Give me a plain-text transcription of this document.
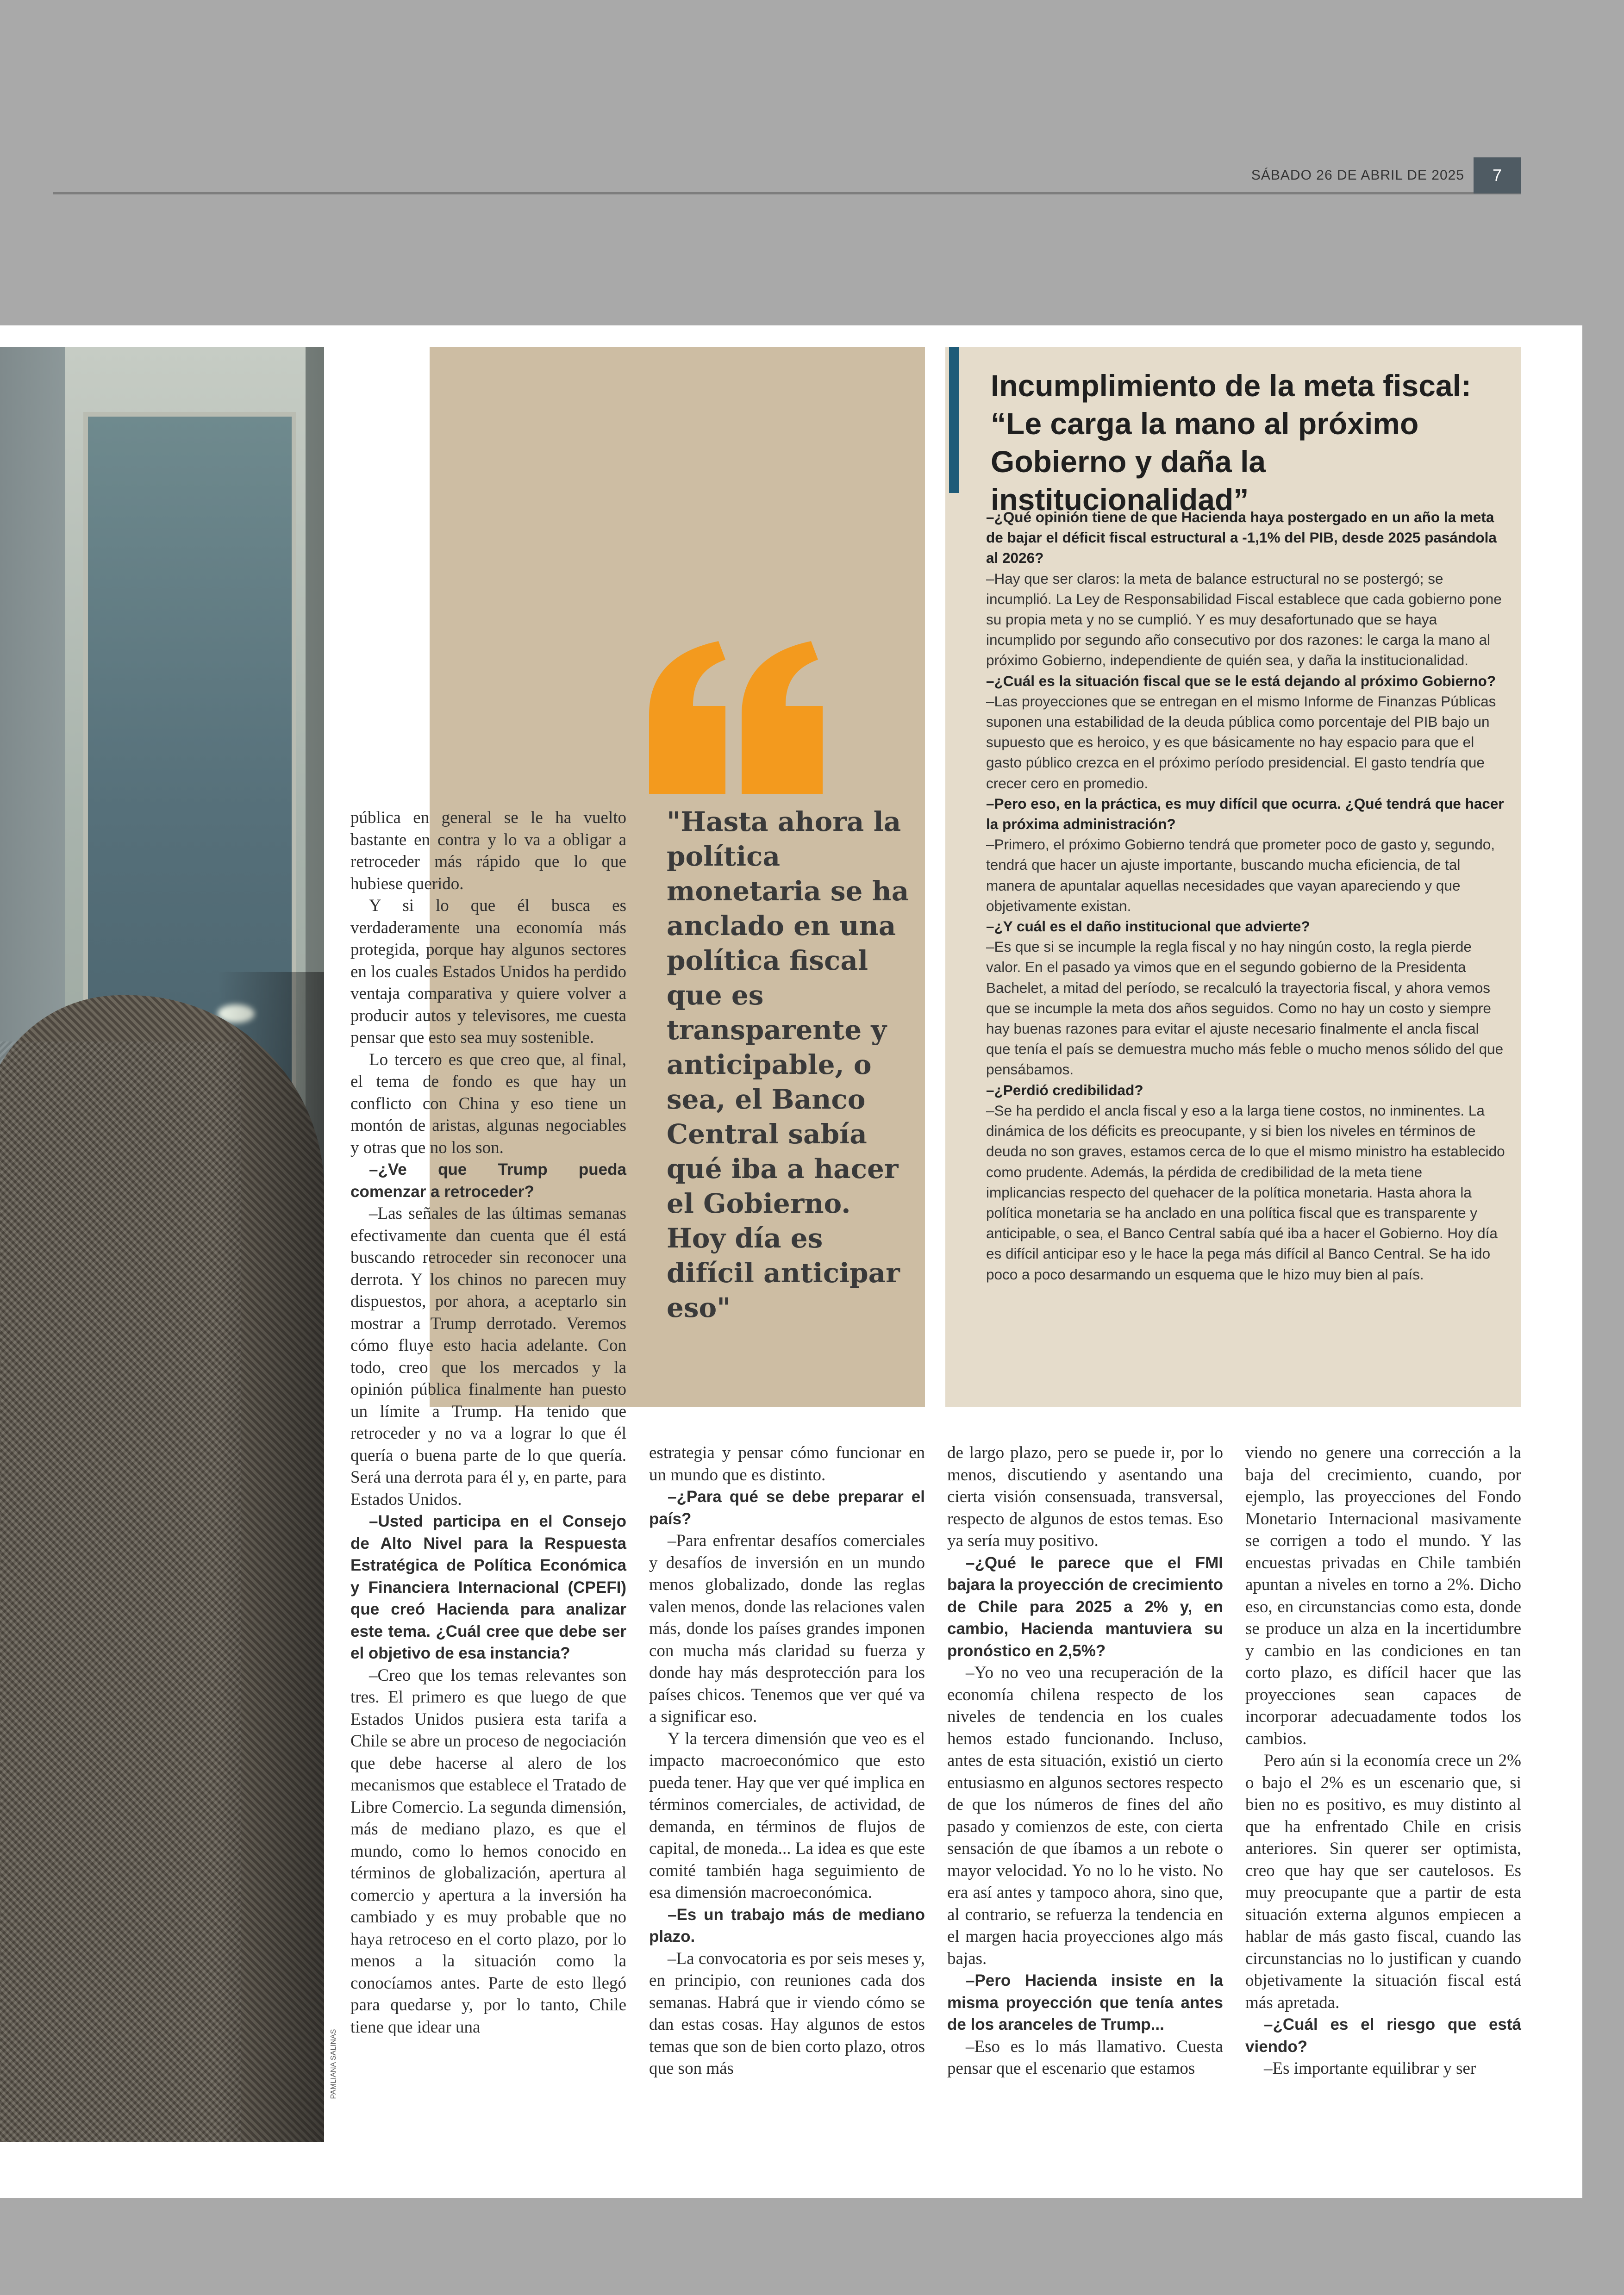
SÁBADO 26 DE ABRIL DE 2025	7
PAMLIANA SALINAS
"Hasta ahora la política monetaria se ha anclado en una política fiscal que es transparente y anticipable, o sea, el Banco Central sabía qué iba a hacer el Gobierno. Hoy día es difícil anticipar eso"
Incumplimiento de la meta fiscal: “Le carga la mano al próximo Gobierno y daña la institucionalidad”

–¿Qué opinión tiene de que Hacienda haya postergado en un año la meta de bajar el déficit fiscal estructural a -1,1% del PIB, desde 2025 pasándola al 2026?

–Hay que ser claros: la meta de balance estructural no se postergó; se incumplió. La Ley de Responsabilidad Fiscal establece que cada gobierno pone su propia meta y no se cumplió. Y es muy desafortunado que se haya incumplido por segundo año consecutivo por dos razones: le carga la mano al próximo Gobierno, independiente de quién sea, y daña la institucionalidad.

–¿Cuál es la situación fiscal que se le está dejando al próximo Gobierno?

–Las proyecciones que se entregan en el mismo Informe de Finanzas Públicas suponen una estabilidad de la deuda pública como porcentaje del PIB bajo un supuesto que es heroico, y es que básicamente no hay espacio para que el gasto público crezca en el próximo período presidencial. El gasto tendría que crecer cero en promedio.

–Pero eso, en la práctica, es muy difícil que ocurra. ¿Qué tendrá que hacer la próxima administración?

–Primero, el próximo Gobierno tendrá que prometer poco de gasto y, segundo, tendrá que hacer un ajuste importante, buscando mucha eficiencia, de tal manera de apuntalar aquellas necesidades que vayan apareciendo y que objetivamente existan.

–¿Y cuál es el daño institucional que advierte?

–Es que si se incumple la regla fiscal y no hay ningún costo, la regla pierde valor. En el pasado ya vimos que en el segundo gobierno de la Presidenta Bachelet, a mitad del período, se recalculó la trayectoria fiscal, y ahora vemos que se incumple la meta dos años seguidos. Como no hay un costo y siempre hay buenas razones para evitar el ajuste necesario finalmente el ancla fiscal que tenía el país se demuestra mucho más feble o mucho menos sólido del que pensábamos.

–¿Perdió credibilidad?

–Se ha perdido el ancla fiscal y eso a la larga tiene costos, no inminentes. La dinámica de los déficits es preocupante, y si bien los niveles en términos de deuda no son graves, estamos cerca de lo que el mismo ministro ha establecido como prudente. Además, la pérdida de credibilidad de la meta tiene implicancias respecto del quehacer de la política monetaria. Hasta ahora la política monetaria se ha anclado en una política fiscal que es transparente y anticipable, o sea, el Banco Central sabía qué iba a hacer el Gobierno. Hoy día es difícil anticipar eso y le hace la pega más difícil al Banco Central. Se ha ido poco a poco desarmando un esquema que le hizo muy bien al país.

pública en general se le ha vuelto bastante en contra y lo va a obligar a retroceder más rápido que lo que hubiese querido.

Y si lo que él busca es verdaderamente una economía más protegida, porque hay algunos sectores en los cuales Estados Unidos ha perdido ventaja comparativa y quiere volver a producir autos y televisores, me cuesta pensar que esto sea muy sostenible.

Lo tercero es que creo que, al final, el tema de fondo es que hay un conflicto con China y eso tiene un montón de aristas, algunas negociables y otras que no los son.

–¿Ve que Trump pueda comenzar a retroceder?

–Las señales de las últimas semanas efectivamente dan cuenta que él está buscando retroceder sin reconocer una derrota. Y los chinos no parecen muy dispuestos, por ahora, a aceptarlo sin mostrar a Trump derrotado. Veremos cómo fluye esto hacia adelante. Con todo, creo que los mercados y la opinión pública finalmente han puesto un límite a Trump. Ha tenido que retroceder y no va a lograr lo que él quería o buena parte de lo que quería. Será una derrota para él y, en parte, para Estados Unidos.

–Usted participa en el Consejo de Alto Nivel para la Respuesta Estratégica de Política Económica y Financiera Internacional (CPEFI) que creó Hacienda para analizar este tema. ¿Cuál cree que debe ser el objetivo de esa instancia?

–Creo que los temas relevantes son tres. El primero es que luego de que Estados Unidos pusiera esta tarifa a Chile se abre un proceso de negociación que debe hacerse al alero de los mecanismos que establece el Tratado de Libre Comercio. La segunda dimensión, más de mediano plazo, es que el mundo, como lo hemos conocido en términos de globalización, apertura al comercio y apertura a la inversión ha cambiado y es muy probable que no haya retroceso en el corto plazo, por lo menos a la situación como la conocíamos antes. Parte de esto llegó para quedarse y, por lo tanto, Chile tiene que idear una

estrategia y pensar cómo funcionar en un mundo que es distinto.

–¿Para qué se debe preparar el país?

–Para enfrentar desafíos comerciales y desafíos de inversión en un mundo menos globalizado, donde las reglas valen menos, donde las relaciones valen más, donde los países grandes imponen con mucha más claridad su fuerza y donde hay más desprotección para los países chicos. Tenemos que ver qué va a significar eso.

Y la tercera dimensión que veo es el impacto macroeconómico que esto pueda tener. Hay que ver qué implica en términos comerciales, de actividad, de demanda, en términos de flujos de capital, de moneda... La idea es que este comité también haga seguimiento de esa dimensión macroeconómica.

–Es un trabajo más de mediano plazo.

–La convocatoria es por seis meses y, en principio, con reuniones cada dos semanas. Habrá que ir viendo cómo se dan estas cosas. Hay algunos de estos temas que son de bien corto plazo, otros que son más

de largo plazo, pero se puede ir, por lo menos, discutiendo y asentando una cierta visión consensuada, transversal, respecto de algunos de estos temas. Eso ya sería muy positivo.

–¿Qué le parece que el FMI bajara la proyección de crecimiento de Chile para 2025 a 2% y, en cambio, Hacienda mantuviera su pronóstico en 2,5%?

–Yo no veo una recuperación de la economía chilena respecto de los niveles de tendencia en los cuales hemos estado funcionando. Incluso, antes de esta situación, existió un cierto entusiasmo en algunos sectores respecto de que los números de fines del año pasado y comienzos de este, con cierta sensación de que íbamos a un rebote o mayor velocidad. Yo no lo he visto. No era así antes y tampoco ahora, sino que, al contrario, se refuerza la tendencia en el margen hacia proyecciones algo más bajas.

–Pero Hacienda insiste en la misma proyección que tenía antes de los aranceles de Trump...

–Eso es lo más llamativo. Cuesta pensar que el escenario que estamos

viendo no genere una corrección a la baja del crecimiento, cuando, por ejemplo, las proyecciones del Fondo Monetario Internacional masivamente se corrigen a todo el mundo. Y las encuestas privadas en Chile también apuntan a niveles en torno a 2%. Dicho eso, en circunstancias como esta, donde se produce un alza en la incertidumbre y cambio en las condiciones en tan corto plazo, es difícil hacer que las proyecciones sean capaces de incorporar adecuadamente todos los cambios.

Pero aún si la economía crece un 2% o bajo el 2% es un escenario que, si bien no es positivo, es muy distinto al que ha enfrentado Chile en crisis anteriores. Sin querer ser optimista, creo que hay que ser cautelosos. Es muy preocupante que a partir de esta situación externa algunos empiecen a hablar de más gasto fiscal, cuando las circunstancias no lo justifican y cuando objetivamente la situación fiscal está más apretada.

–¿Cuál es el riesgo que está viendo?

–Es importante equilibrar y ser
